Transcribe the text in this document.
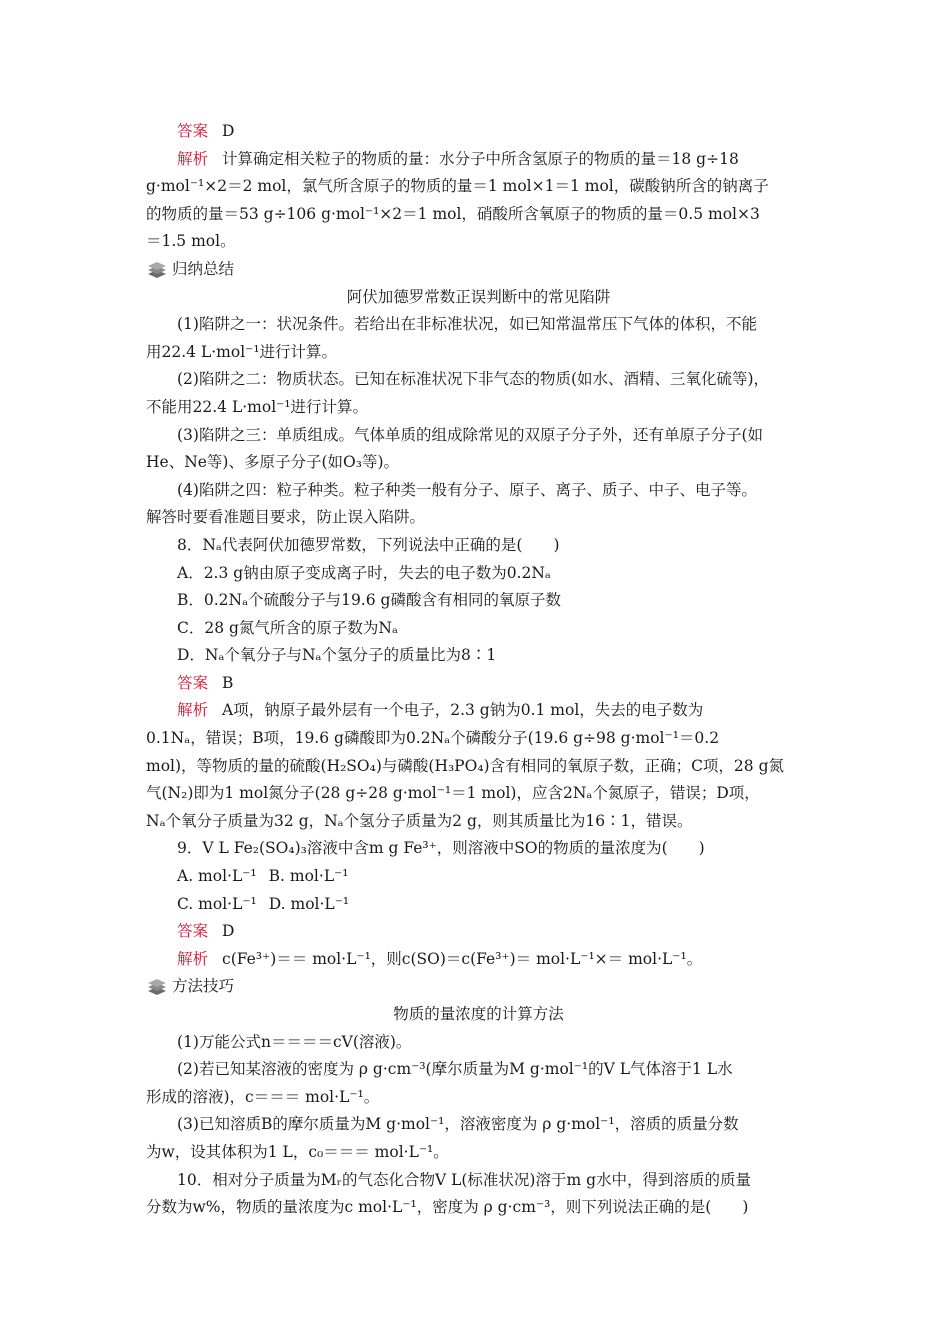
答案 D
解析 计算确定相关粒子的物质的量：水分子中所含氢原子的物质的量＝18 g÷18
g·mol⁻¹×2＝2 mol，氯气所含原子的物质的量＝1 mol×1＝1 mol，碳酸钠所含的钠离子
的物质的量＝53 g÷106 g·mol⁻¹×2＝1 mol，硝酸所含氧原子的物质的量＝0.5 mol×3
＝1.5 mol。
归纳总结
阿伏加德罗常数正误判断中的常见陷阱
(1)陷阱之一：状况条件。若给出在非标准状况，如已知常温常压下气体的体积，不能
用22.4 L·mol⁻¹进行计算。
(2)陷阱之二：物质状态。已知在标准状况下非气态的物质(如水、酒精、三氧化硫等)，
不能用22.4 L·mol⁻¹进行计算。
(3)陷阱之三：单质组成。气体单质的组成除常见的双原子分子外，还有单原子分子(如
He、Ne等)、多原子分子(如O₃等)。
(4)陷阱之四：粒子种类。粒子种类一般有分子、原子、离子、质子、中子、电子等。
解答时要看准题目要求，防止误入陷阱。
8．Nₐ代表阿伏加德罗常数，下列说法中正确的是(　　)
A．2.3 g钠由原子变成离子时，失去的电子数为0.2Nₐ
B．0.2Nₐ个硫酸分子与19.6 g磷酸含有相同的氧原子数
C．28 g氮气所含的原子数为Nₐ
D．Nₐ个氧分子与Nₐ个氢分子的质量比为8∶1
答案 B
解析 A项，钠原子最外层有一个电子，2.3 g钠为0.1 mol，失去的电子数为
0.1Nₐ，错误；B项，19.6 g磷酸即为0.2Nₐ个磷酸分子(19.6 g÷98 g·mol⁻¹＝0.2
mol)，等物质的量的硫酸(H₂SO₄)与磷酸(H₃PO₄)含有相同的氧原子数，正确；C项，28 g氮
气(N₂)即为1 mol氮分子(28 g÷28 g·mol⁻¹＝1 mol)，应含2Nₐ个氮原子，错误；D项，
Nₐ个氧分子质量为32 g，Nₐ个氢分子质量为2 g，则其质量比为16∶1，错误。
9．V L Fe₂(SO₄)₃溶液中含m g Fe³⁺，则溶液中SO的物质的量浓度为(　　)
A. mol·L⁻¹ B. mol·L⁻¹
C. mol·L⁻¹ D. mol·L⁻¹
答案 D
解析 c(Fe³⁺)＝＝ mol·L⁻¹，则c(SO)＝c(Fe³⁺)＝ mol·L⁻¹×＝ mol·L⁻¹。
方法技巧
物质的量浓度的计算方法
(1)万能公式n＝＝＝＝cV(溶液)。
(2)若已知某溶液的密度为 ρ g·cm⁻³(摩尔质量为M g·mol⁻¹的V L气体溶于1 L水
形成的溶液)，c＝＝＝ mol·L⁻¹。
(3)已知溶质B的摩尔质量为M g·mol⁻¹，溶液密度为 ρ g·mol⁻¹，溶质的质量分数
为w，设其体积为1 L，c₀＝＝＝ mol·L⁻¹。
10．相对分子质量为Mᵣ的气态化合物V L(标准状况)溶于m g水中，得到溶质的质量
分数为w%，物质的量浓度为c mol·L⁻¹，密度为 ρ g·cm⁻³，则下列说法正确的是(　　)
